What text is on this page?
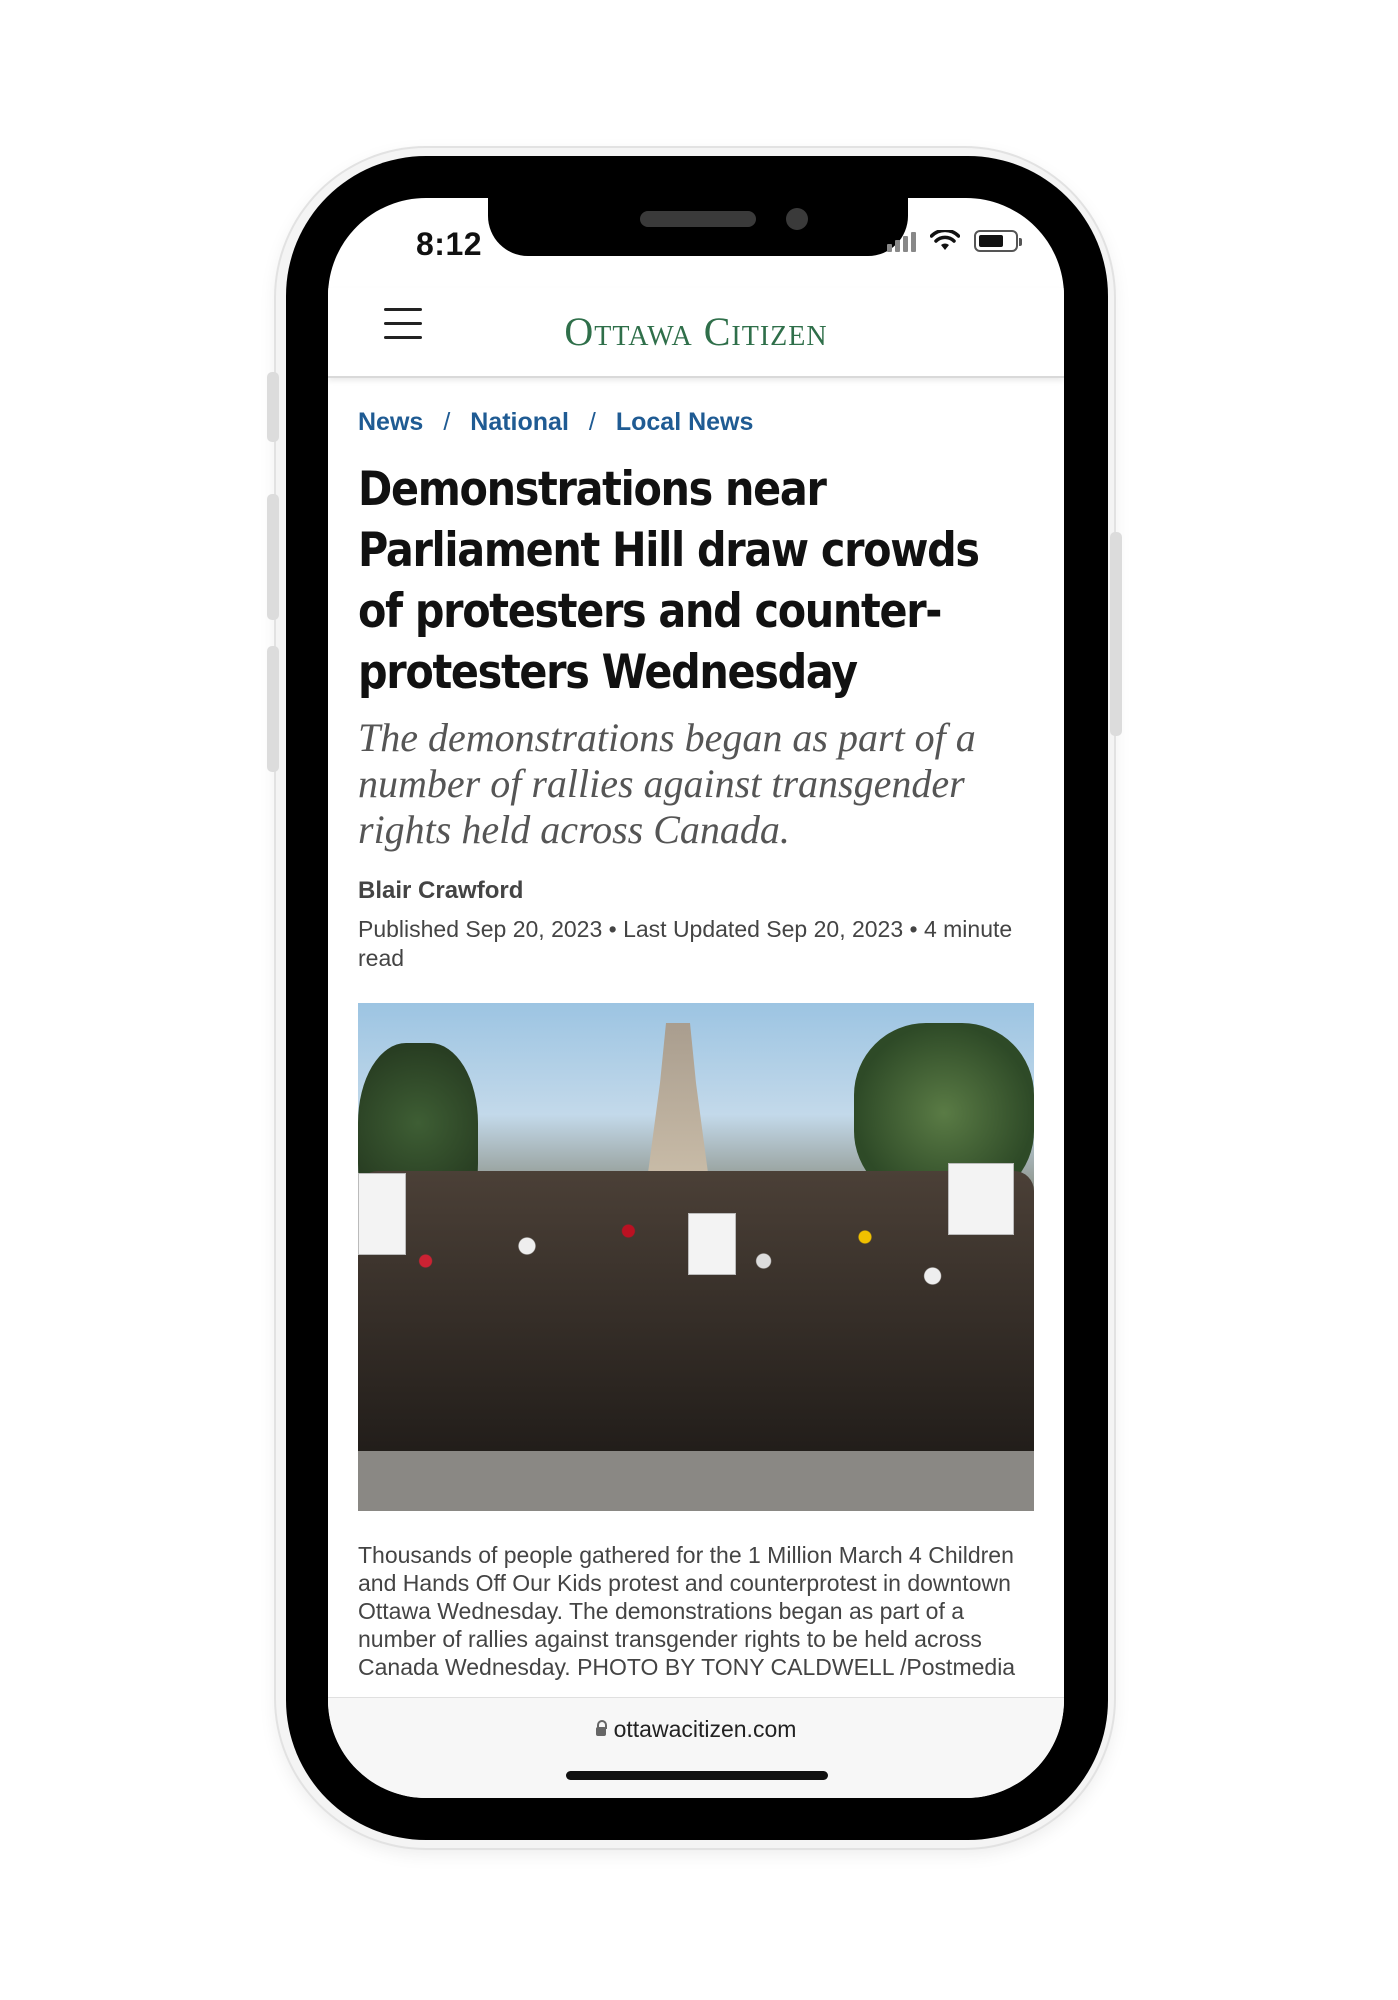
8:12
Ottawa Citizen
News / National / Local News
Demonstrations near Parliament Hill draw crowds of protesters and counter-protesters Wednesday
The demonstrations began as part of a number of rallies against transgender rights held across Canada.
Blair Crawford
Published Sep 20, 2023 • Last Updated Sep 20, 2023 • 4 minute read
Thousands of people gathered for the 1 Million March 4 Children and Hands Off Our Kids protest and counterprotest in downtown Ottawa Wednesday. The demonstrations began as part of a number of rallies against transgender rights to be held across Canada Wednesday. PHOTO BY TONY CALDWELL /Postmedia
ottawacitizen.com
